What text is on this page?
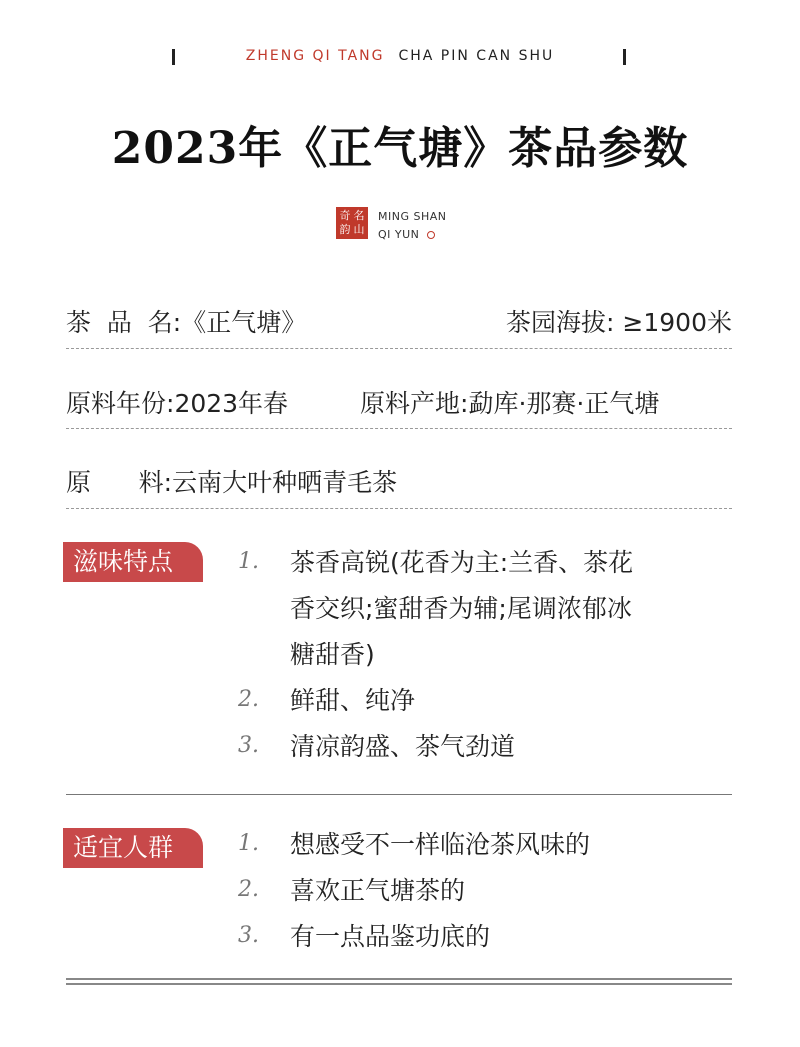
ZHENG QI TANG CHA PIN CAN SHU
2023年《正气塘》茶品参数
奇 名
韵 山
MING SHAN
QI YUN
茶  品  名:《正气塘》	茶园海拔: ≥1900米
原料年份:2023年春	原料产地:勐库·那赛·正气塘
原      料:云南大叶种晒青毛茶
滋味特点	1. 茶香高锐(花香为主:兰香、茶花
香交织;蜜甜香为辅;尾调浓郁冰
糖甜香)
2. 鲜甜、纯净
3. 清凉韵盛、茶气劲道
适宜人群	1. 想感受不一样临沧茶风味的
2. 喜欢正气塘茶的
3. 有一点品鉴功底的
